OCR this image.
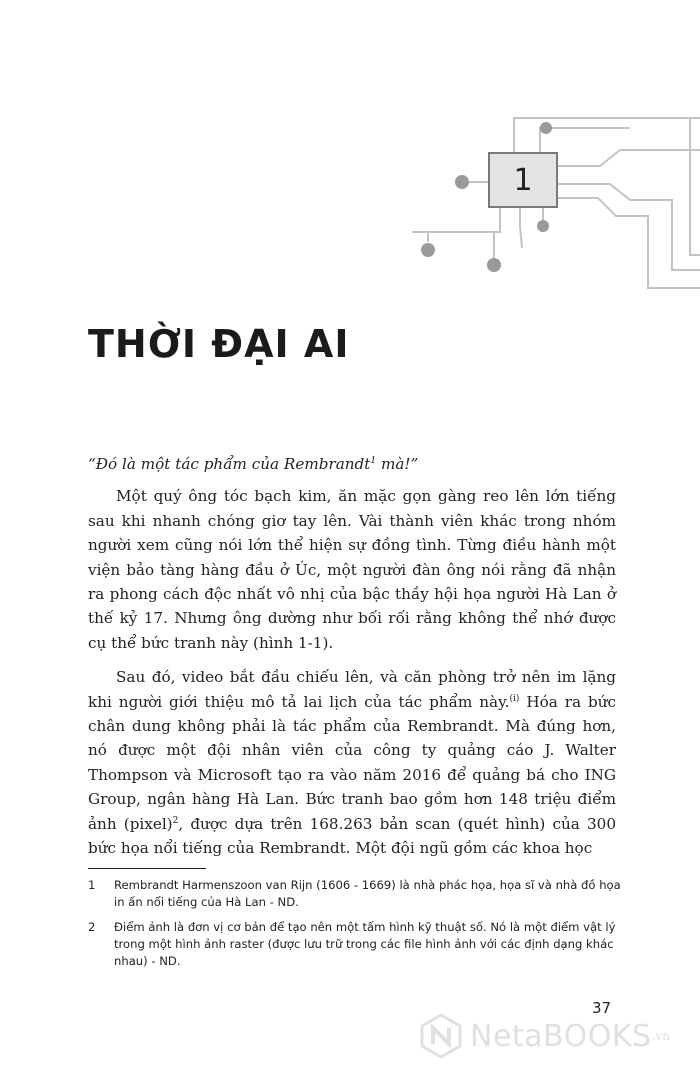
1
THỜI ĐẠI AI

“Đó là một tác phẩm của Rembrandt$^1$ mà!”

Một quý ông tóc bạch kim, ăn mặc gọn gàng reo lên lớn tiếng sau khi nhanh chóng giơ tay lên. Vài thành viên khác trong nhóm người xem cũng nói lớn thể hiện sự đồng tình. Từng điều hành một viện bảo tàng hàng đầu ở Úc, một người đàn ông nói rằng đã nhận ra phong cách độc nhất vô nhị của bậc thầy hội họa người Hà Lan ở thế kỷ 17. Nhưng ông dường như bối rối rằng không thể nhớ được cụ thể bức tranh này (hình 1-1).

Sau đó, video bắt đầu chiếu lên, và căn phòng trở nên im lặng khi người giới thiệu mô tả lai lịch của tác phẩm này.$^{(i)}$ Hóa ra bức chân dung không phải là tác phẩm của Rembrandt. Mà đúng hơn, nó được một đội nhân viên của công ty quảng cáo J. Walter Thompson và Microsoft tạo ra vào năm 2016 để quảng bá cho ING Group, ngân hàng Hà Lan. Bức tranh bao gồm hơn 148 triệu điểm ảnh (pixel)$^2$, được dựa trên 168.263 bản scan (quét hình) của 300 bức họa nổi tiếng của Rembrandt. Một đội ngũ gồm các khoa học

1	Rembrandt Harmenszoon van Rijn (1606 - 1669) là nhà phác họa, họa sĩ và nhà đồ họa in ấn nổi tiếng của Hà Lan - ND.
2	Điểm ảnh là đơn vị cơ bản để tạo nên một tấm hình kỹ thuật số. Nó là một điểm vật lý trong một hình ảnh raster (được lưu trữ trong các file hình ảnh với các định dạng khác nhau) - ND.
37
NetaBOOKS .vn
